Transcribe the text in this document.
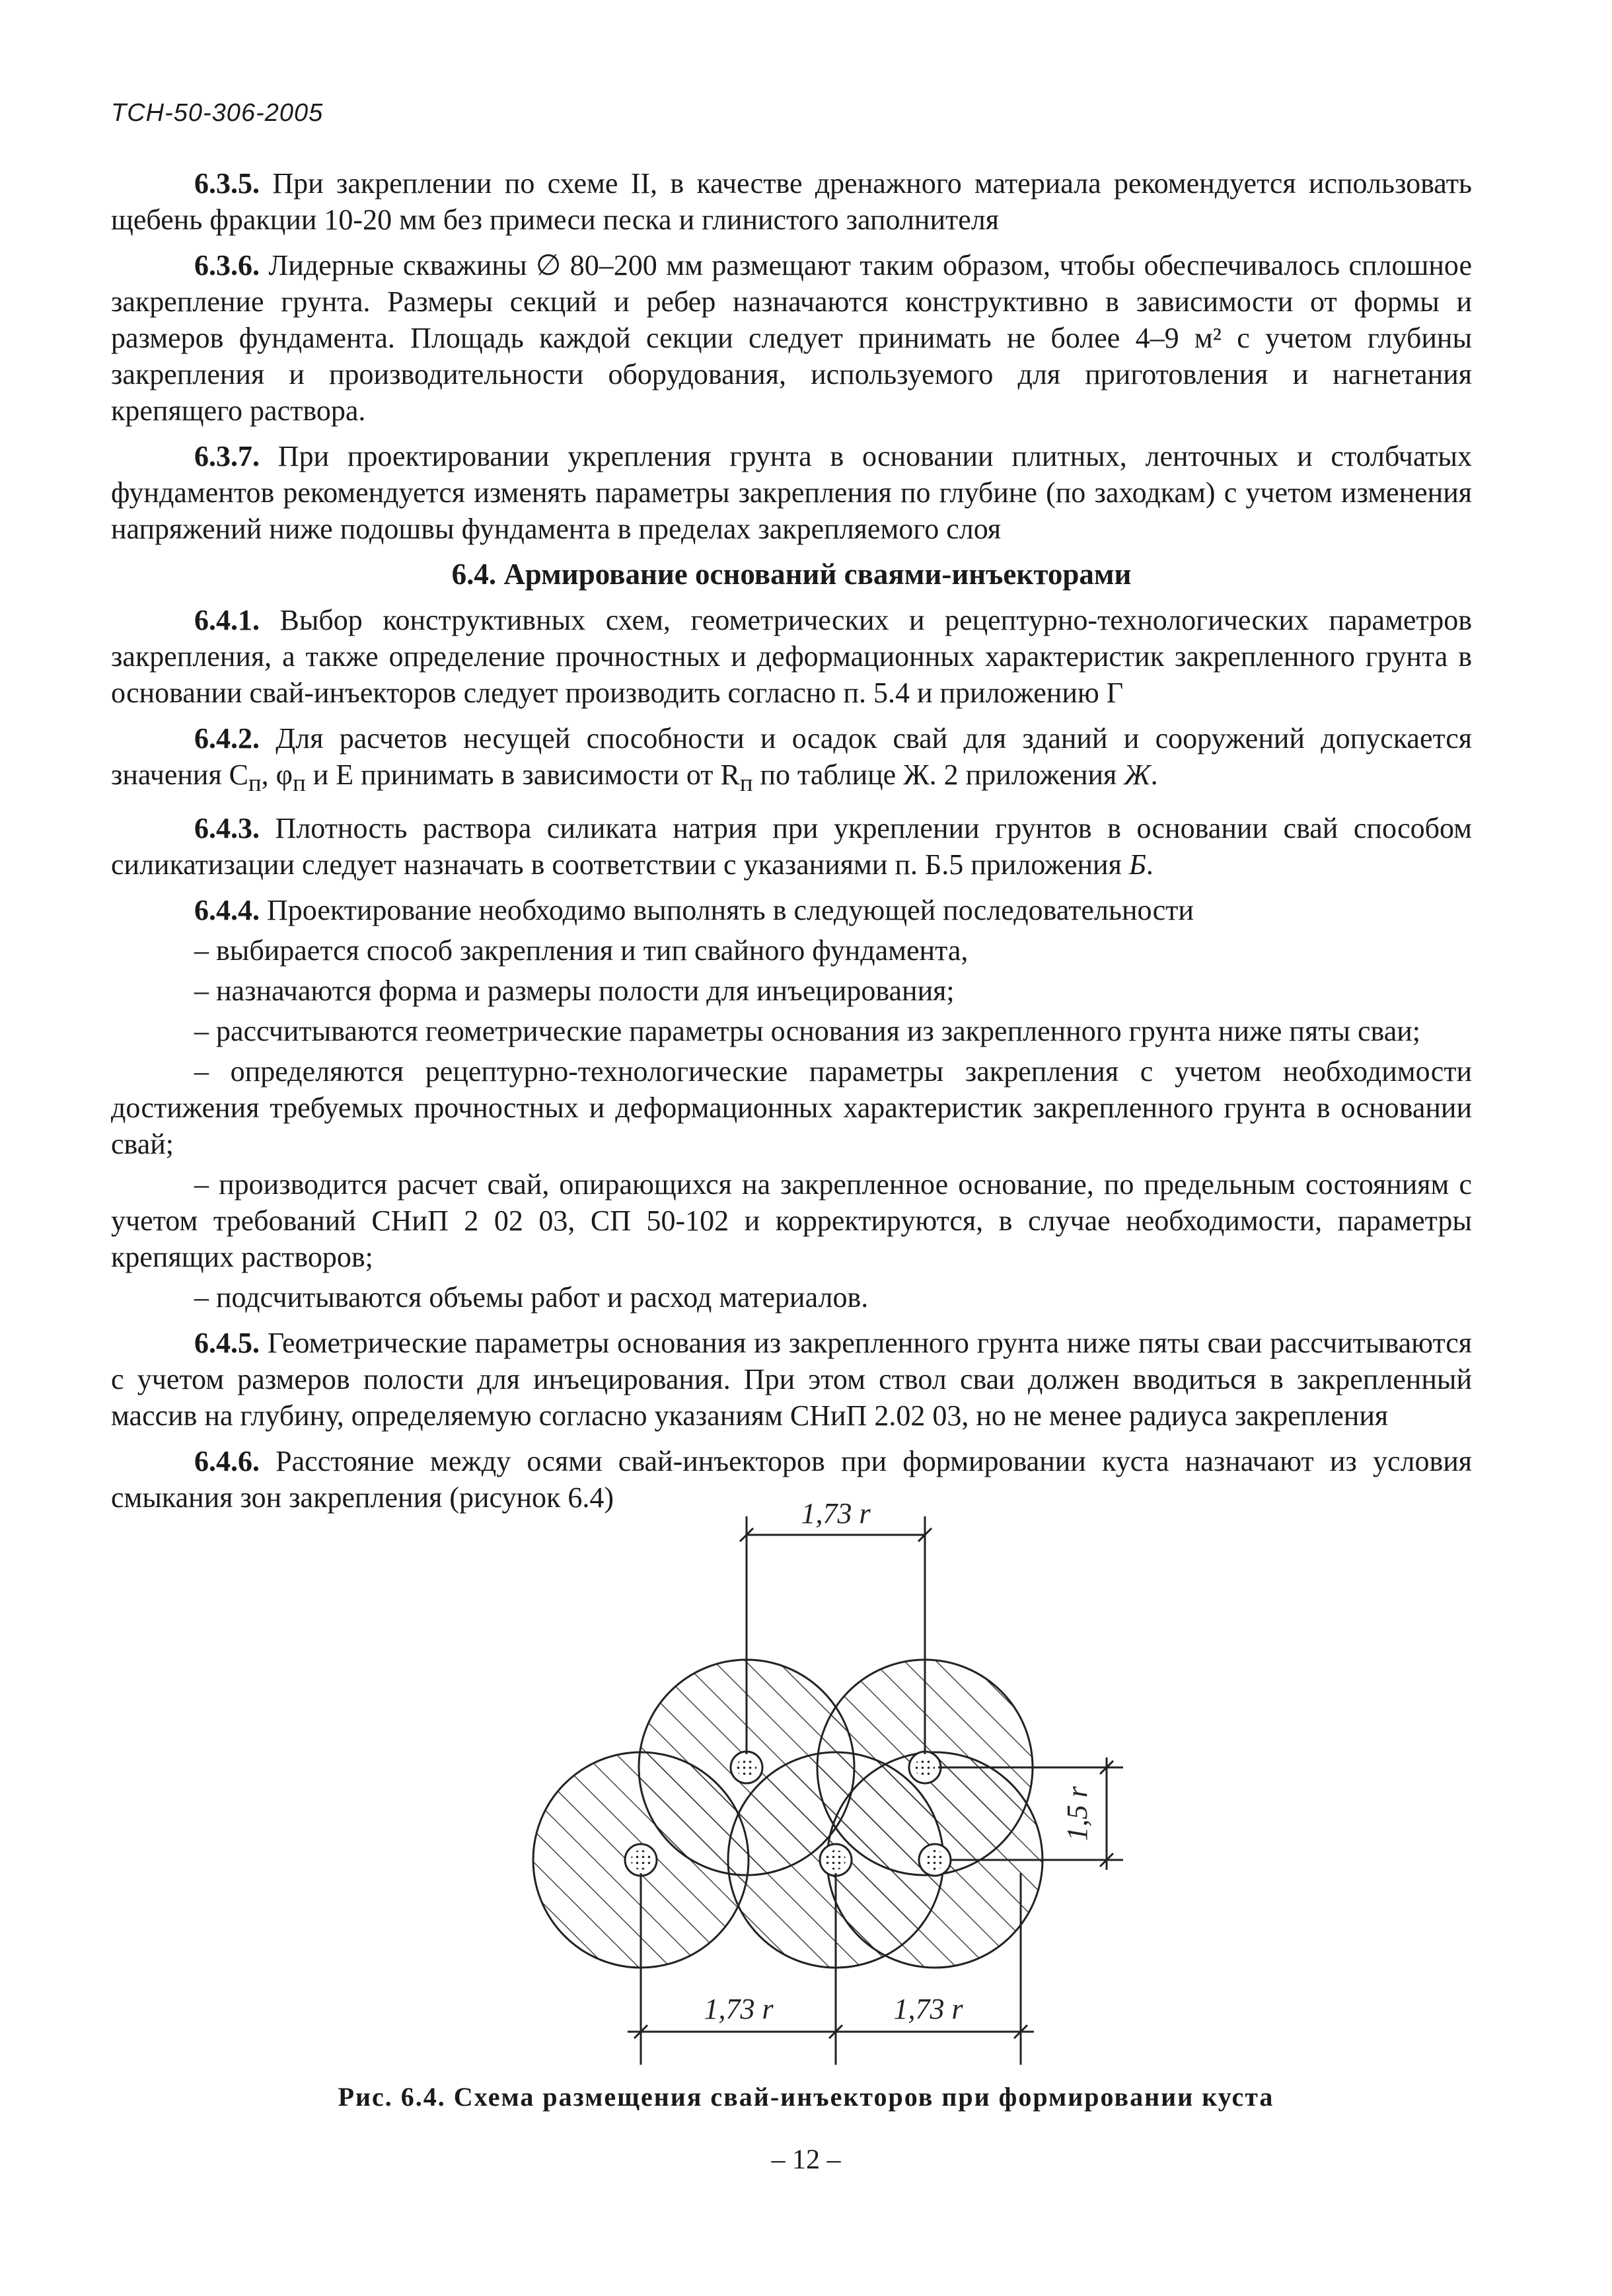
ТСН-50-306-2005

6.3.5. При закреплении по схеме II, в качестве дренажного материала рекомендуется использовать щебень фракции 10-20 мм без примеси песка и глинистого заполнителя

6.3.6. Лидерные скважины ∅ 80–200 мм размещают таким образом, чтобы обеспечивалось сплошное закрепление грунта. Размеры секций и ребер назначаются конструктивно в зависимости от формы и размеров фундамента. Площадь каждой секции следует принимать не более 4–9 м² с учетом глубины закрепления и производительности оборудования, используемого для приготовления и нагнетания крепящего раствора.

6.3.7. При проектировании укрепления грунта в основании плитных, ленточных и столбчатых фундаментов рекомендуется изменять параметры закрепления по глубине (по заходкам) с учетом изменения напряжений ниже подошвы фундамента в пределах закрепляемого слоя

6.4. Армирование оснований сваями-инъекторами

6.4.1. Выбор конструктивных схем, геометрических и рецептурно-технологических параметров закрепления, а также определение прочностных и деформационных характеристик закрепленного грунта в основании свай-инъекторов следует производить согласно п. 5.4 и приложению Г

6.4.2. Для расчетов несущей способности и осадок свай для зданий и сооружений допускается значения $C_п$, $\varphi_п$ и E принимать в зависимости от $R_п$ по таблице Ж. 2 приложения Ж.

6.4.3. Плотность раствора силиката натрия при укреплении грунтов в основании свай способом силикатизации следует назначать в соответствии с указаниями п. Б.5 приложения Б.

6.4.4. Проектирование необходимо выполнять в следующей последовательности

– выбирается способ закрепления и тип свайного фундамента,

– назначаются форма и размеры полости для инъецирования;

– рассчитываются геометрические параметры основания из закрепленного грунта ниже пяты сваи;

– определяются рецептурно-технологические параметры закрепления с учетом необходимости достижения требуемых прочностных и деформационных характеристик закрепленного грунта в основании свай;

– производится расчет свай, опирающихся на закрепленное основание, по предельным состояниям с учетом требований СНиП 2 02 03, СП 50-102 и корректируются, в случае необходимости, параметры крепящих растворов;

– подсчитываются объемы работ и расход материалов.

6.4.5. Геометрические параметры основания из закрепленного грунта ниже пяты сваи рассчитываются с учетом размеров полости для инъецирования. При этом ствол сваи должен вводиться в закрепленный массив на глубину, определяемую согласно указаниям СНиП 2.02 03, но не менее радиуса закрепления

6.4.6. Расстояние между осями свай-инъекторов при формировании куста назначают из условия смыкания зон закрепления (рисунок 6.4)	1,73 r
1,5 r
1,73 r	1,73 r
Рис. 6.4. Схема размещения свай-инъекторов при формировании куста
– 12 –
